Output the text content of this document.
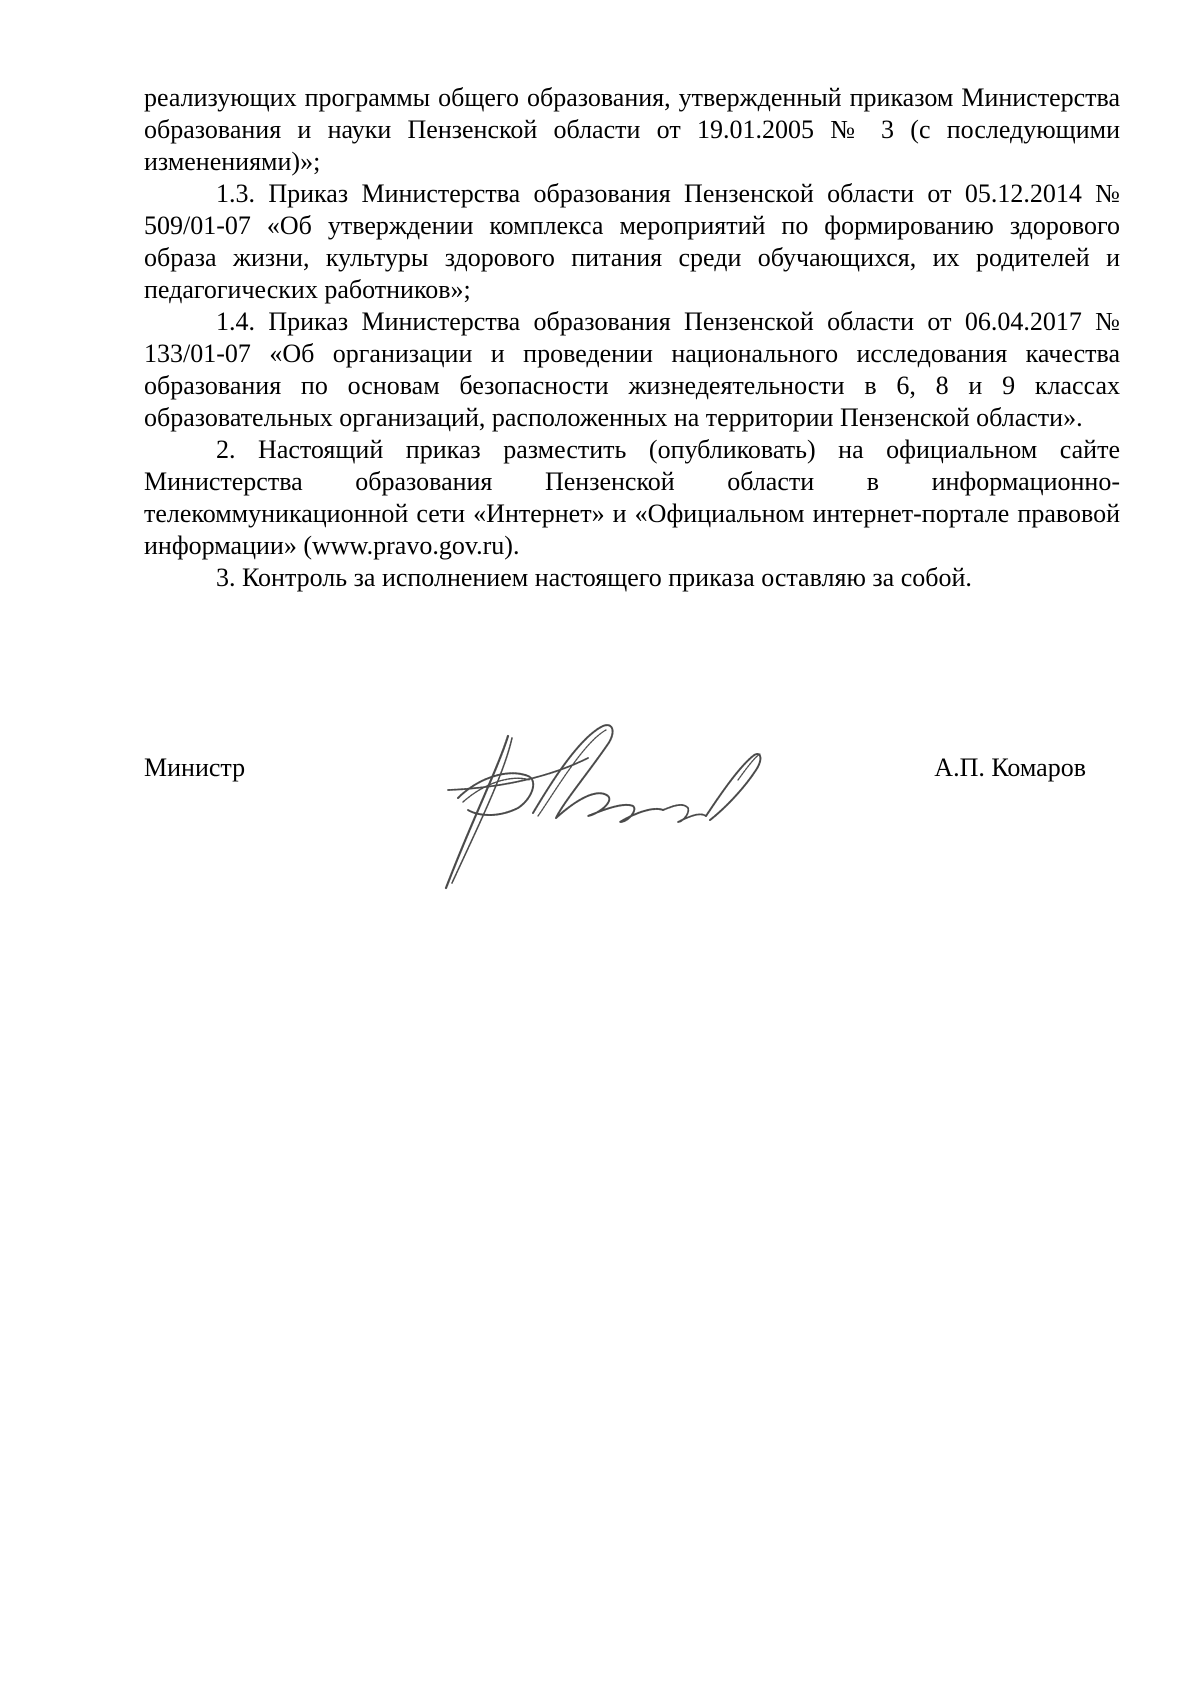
реализующих программы общего образования, утвержденный приказом Министерства образования и науки Пензенской области от 19.01.2005 № 3 (с последующими изменениями)»;

1.3. Приказ Министерства образования Пензенской области от 05.12.2014 № 509/01-07 «Об утверждении комплекса мероприятий по формированию здорового образа жизни, культуры здорового питания среди обучающихся, их родителей и педагогических работников»;

1.4. Приказ Министерства образования Пензенской области от 06.04.2017 № 133/01-07 «Об организации и проведении национального исследования качества образования по основам безопасности жизнедеятельности в 6, 8 и 9 классах образовательных организаций, расположенных на территории Пензенской области».

2. Настоящий приказ разместить (опубликовать) на официальном сайте Министерства образования Пензенской области в информационно-телекоммуникационной сети «Интернет» и «Официальном интернет-портале правовой информации» (www.pravo.gov.ru).

3. Контроль за исполнением настоящего приказа оставляю за собой.

Министр	А.П. Комаров
